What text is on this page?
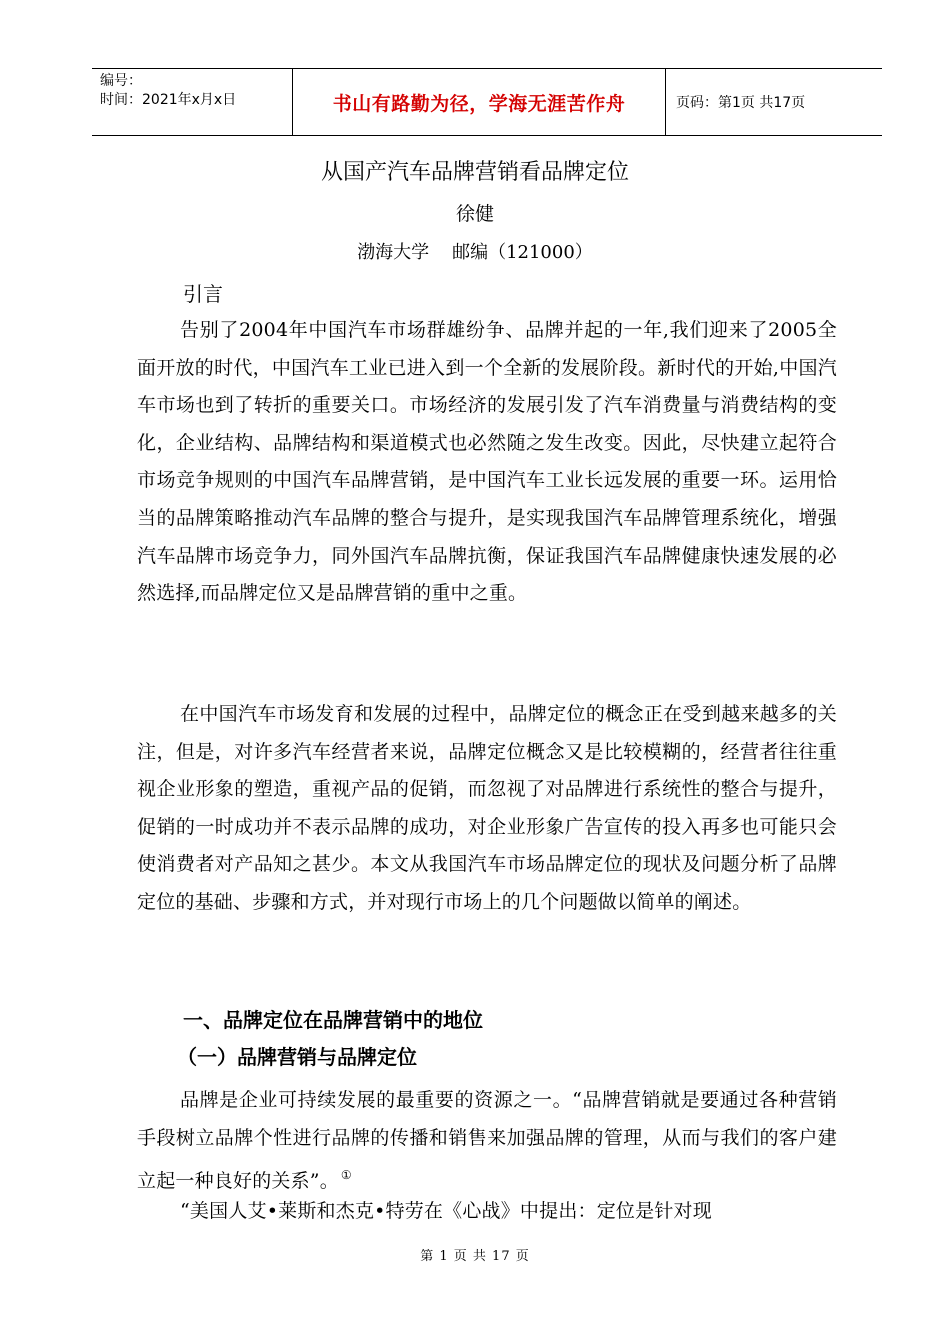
编号：
时间：2021年x月x日	书山有路勤为径，学海无涯苦作舟	页码：第1页 共17页
从国产汽车品牌营销看品牌定位
徐健
渤海大学    邮编（121000）
引言

告别了2004年中国汽车市场群雄纷争、品牌并起的一年,我们迎来了2005全面开放的时代，中国汽车工业已进入到一个全新的发展阶段。新时代的开始,中国汽车市场也到了转折的重要关口。市场经济的发展引发了汽车消费量与消费结构的变化，企业结构、品牌结构和渠道模式也必然随之发生改变。因此，尽快建立起符合市场竞争规则的中国汽车品牌营销，是中国汽车工业长远发展的重要一环。运用恰当的品牌策略推动汽车品牌的整合与提升，是实现我国汽车品牌管理系统化，增强汽车品牌市场竞争力，同外国汽车品牌抗衡，保证我国汽车品牌健康快速发展的必然选择,而品牌定位又是品牌营销的重中之重。

在中国汽车市场发育和发展的过程中，品牌定位的概念正在受到越来越多的关注，但是，对许多汽车经营者来说，品牌定位概念又是比较模糊的，经营者往往重视企业形象的塑造，重视产品的促销，而忽视了对品牌进行系统性的整合与提升，促销的一时成功并不表示品牌的成功，对企业形象广告宣传的投入再多也可能只会使消费者对产品知之甚少。本文从我国汽车市场品牌定位的现状及问题分析了品牌定位的基础、步骤和方式，并对现行市场上的几个问题做以简单的阐述。

一、品牌定位在品牌营销中的地位
（一）品牌营销与品牌定位

品牌是企业可持续发展的最重要的资源之一。“品牌营销就是要通过各种营销手段树立品牌个性进行品牌的传播和销售来加强品牌的管理，从而与我们的客户建立起一种良好的关系”。 ①

“美国人艾•莱斯和杰克•特劳在《心战》中提出：定位是针对现

第 1 页 共 17 页
